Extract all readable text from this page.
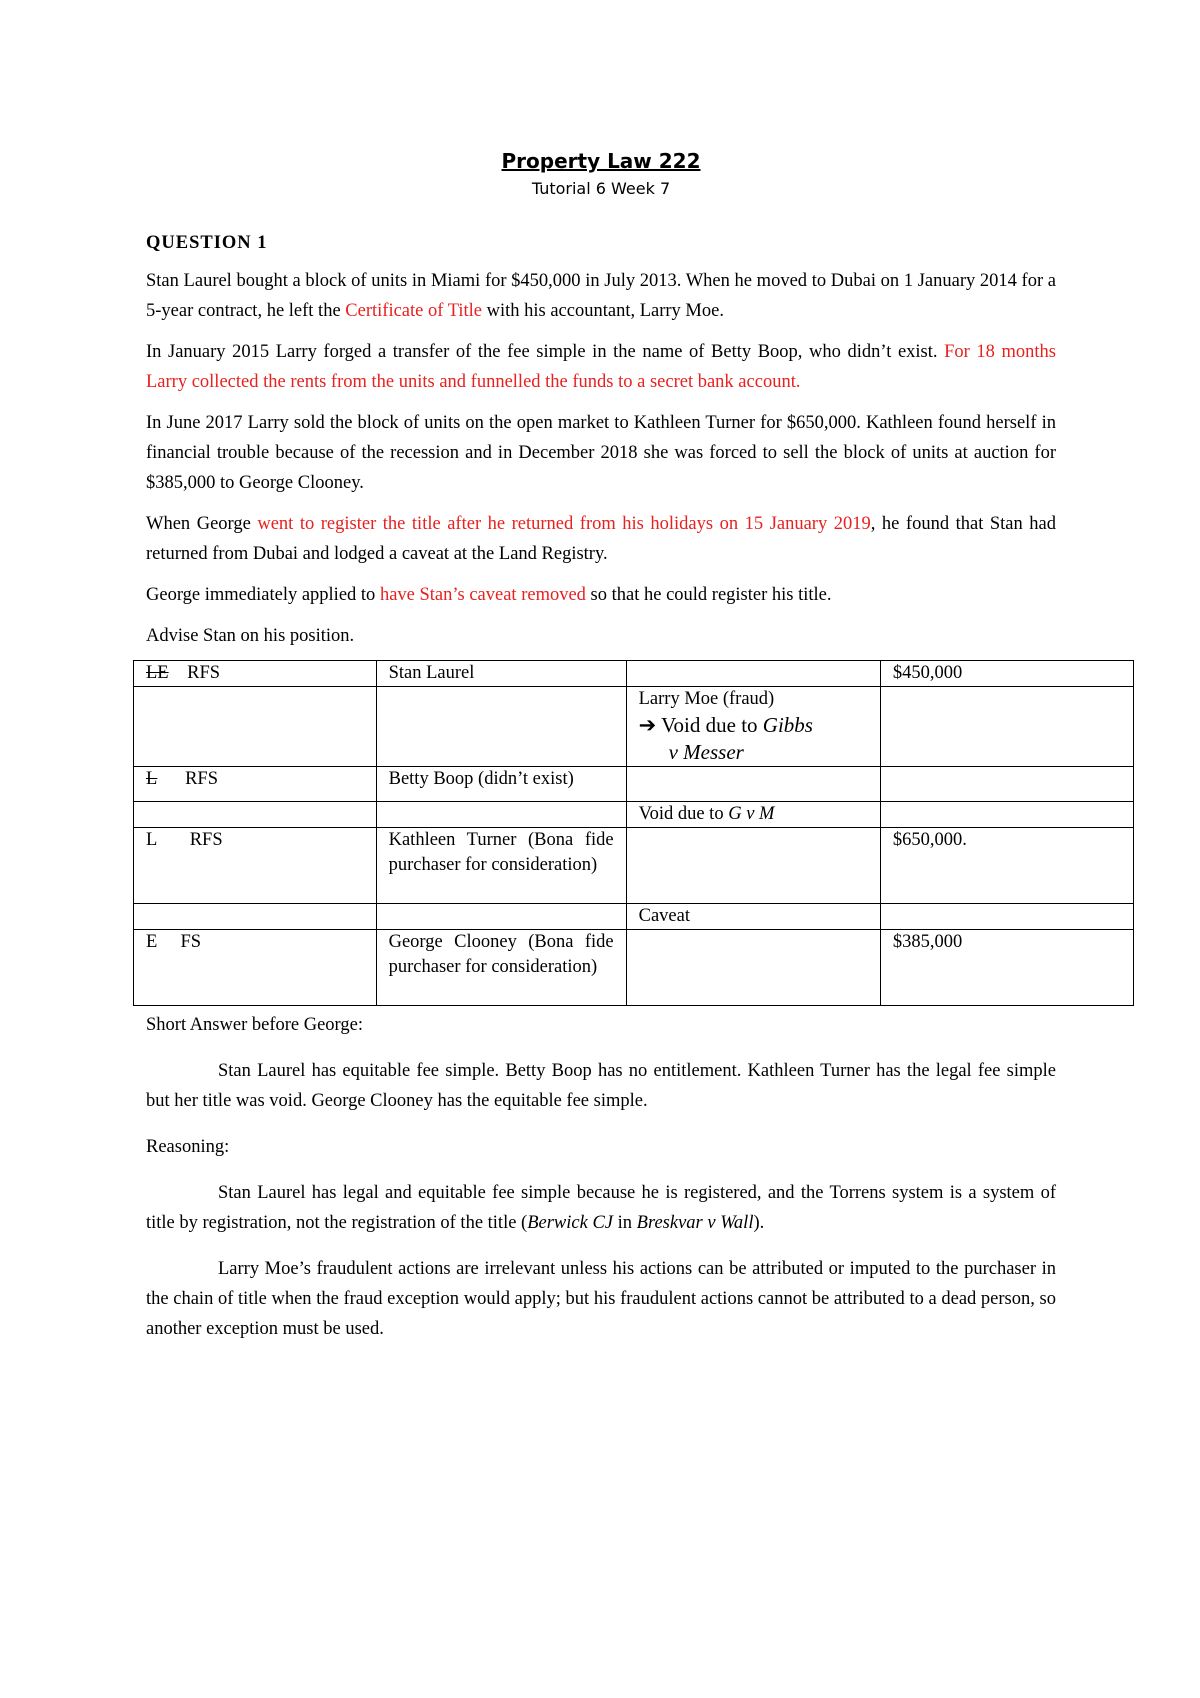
Property Law 222
Tutorial 6 Week 7
QUESTION 1

Stan Laurel bought a block of units in Miami for $450,000 in July 2013. When he moved to Dubai on 1 January 2014 for a 5-year contract, he left the Certificate of Title with his accountant, Larry Moe.

In January 2015 Larry forged a transfer of the fee simple in the name of Betty Boop, who didn’t exist. For 18 months Larry collected the rents from the units and funnelled the funds to a secret bank account.

In June 2017 Larry sold the block of units on the open market to Kathleen Turner for $650,000. Kathleen found herself in financial trouble because of the recession and in December 2018 she was forced to sell the block of units at auction for $385,000 to George Clooney.

When George went to register the title after he returned from his holidays on 15 January 2019, he found that Stan had returned from Dubai and lodged a caveat at the Land Registry.

George immediately applied to have Stan’s caveat removed so that he could register his title.

Advise Stan on his position.

LE RFS	Stan Laurel		$450,000

		Larry Moe (fraud)
➔ Void due to Gibbs
v Messer	

L RFS	Betty Boop (didn’t exist)		
		Void due to G v M	
L RFS	Kathleen Turner (Bona fide purchaser for consideration)		$650,000.
		Caveat	
E FS	George Clooney (Bona fide purchaser for consideration)		$385,000

Short Answer before George:

Stan Laurel has equitable fee simple. Betty Boop has no entitlement. Kathleen Turner has the legal fee simple but her title was void. George Clooney has the equitable fee simple.

Reasoning:

Stan Laurel has legal and equitable fee simple because he is registered, and the Torrens system is a system of title by registration, not the registration of the title (Berwick CJ in Breskvar v Wall).

Larry Moe’s fraudulent actions are irrelevant unless his actions can be attributed or imputed to the purchaser in the chain of title when the fraud exception would apply; but his fraudulent actions cannot be attributed to a dead person, so another exception must be used.
